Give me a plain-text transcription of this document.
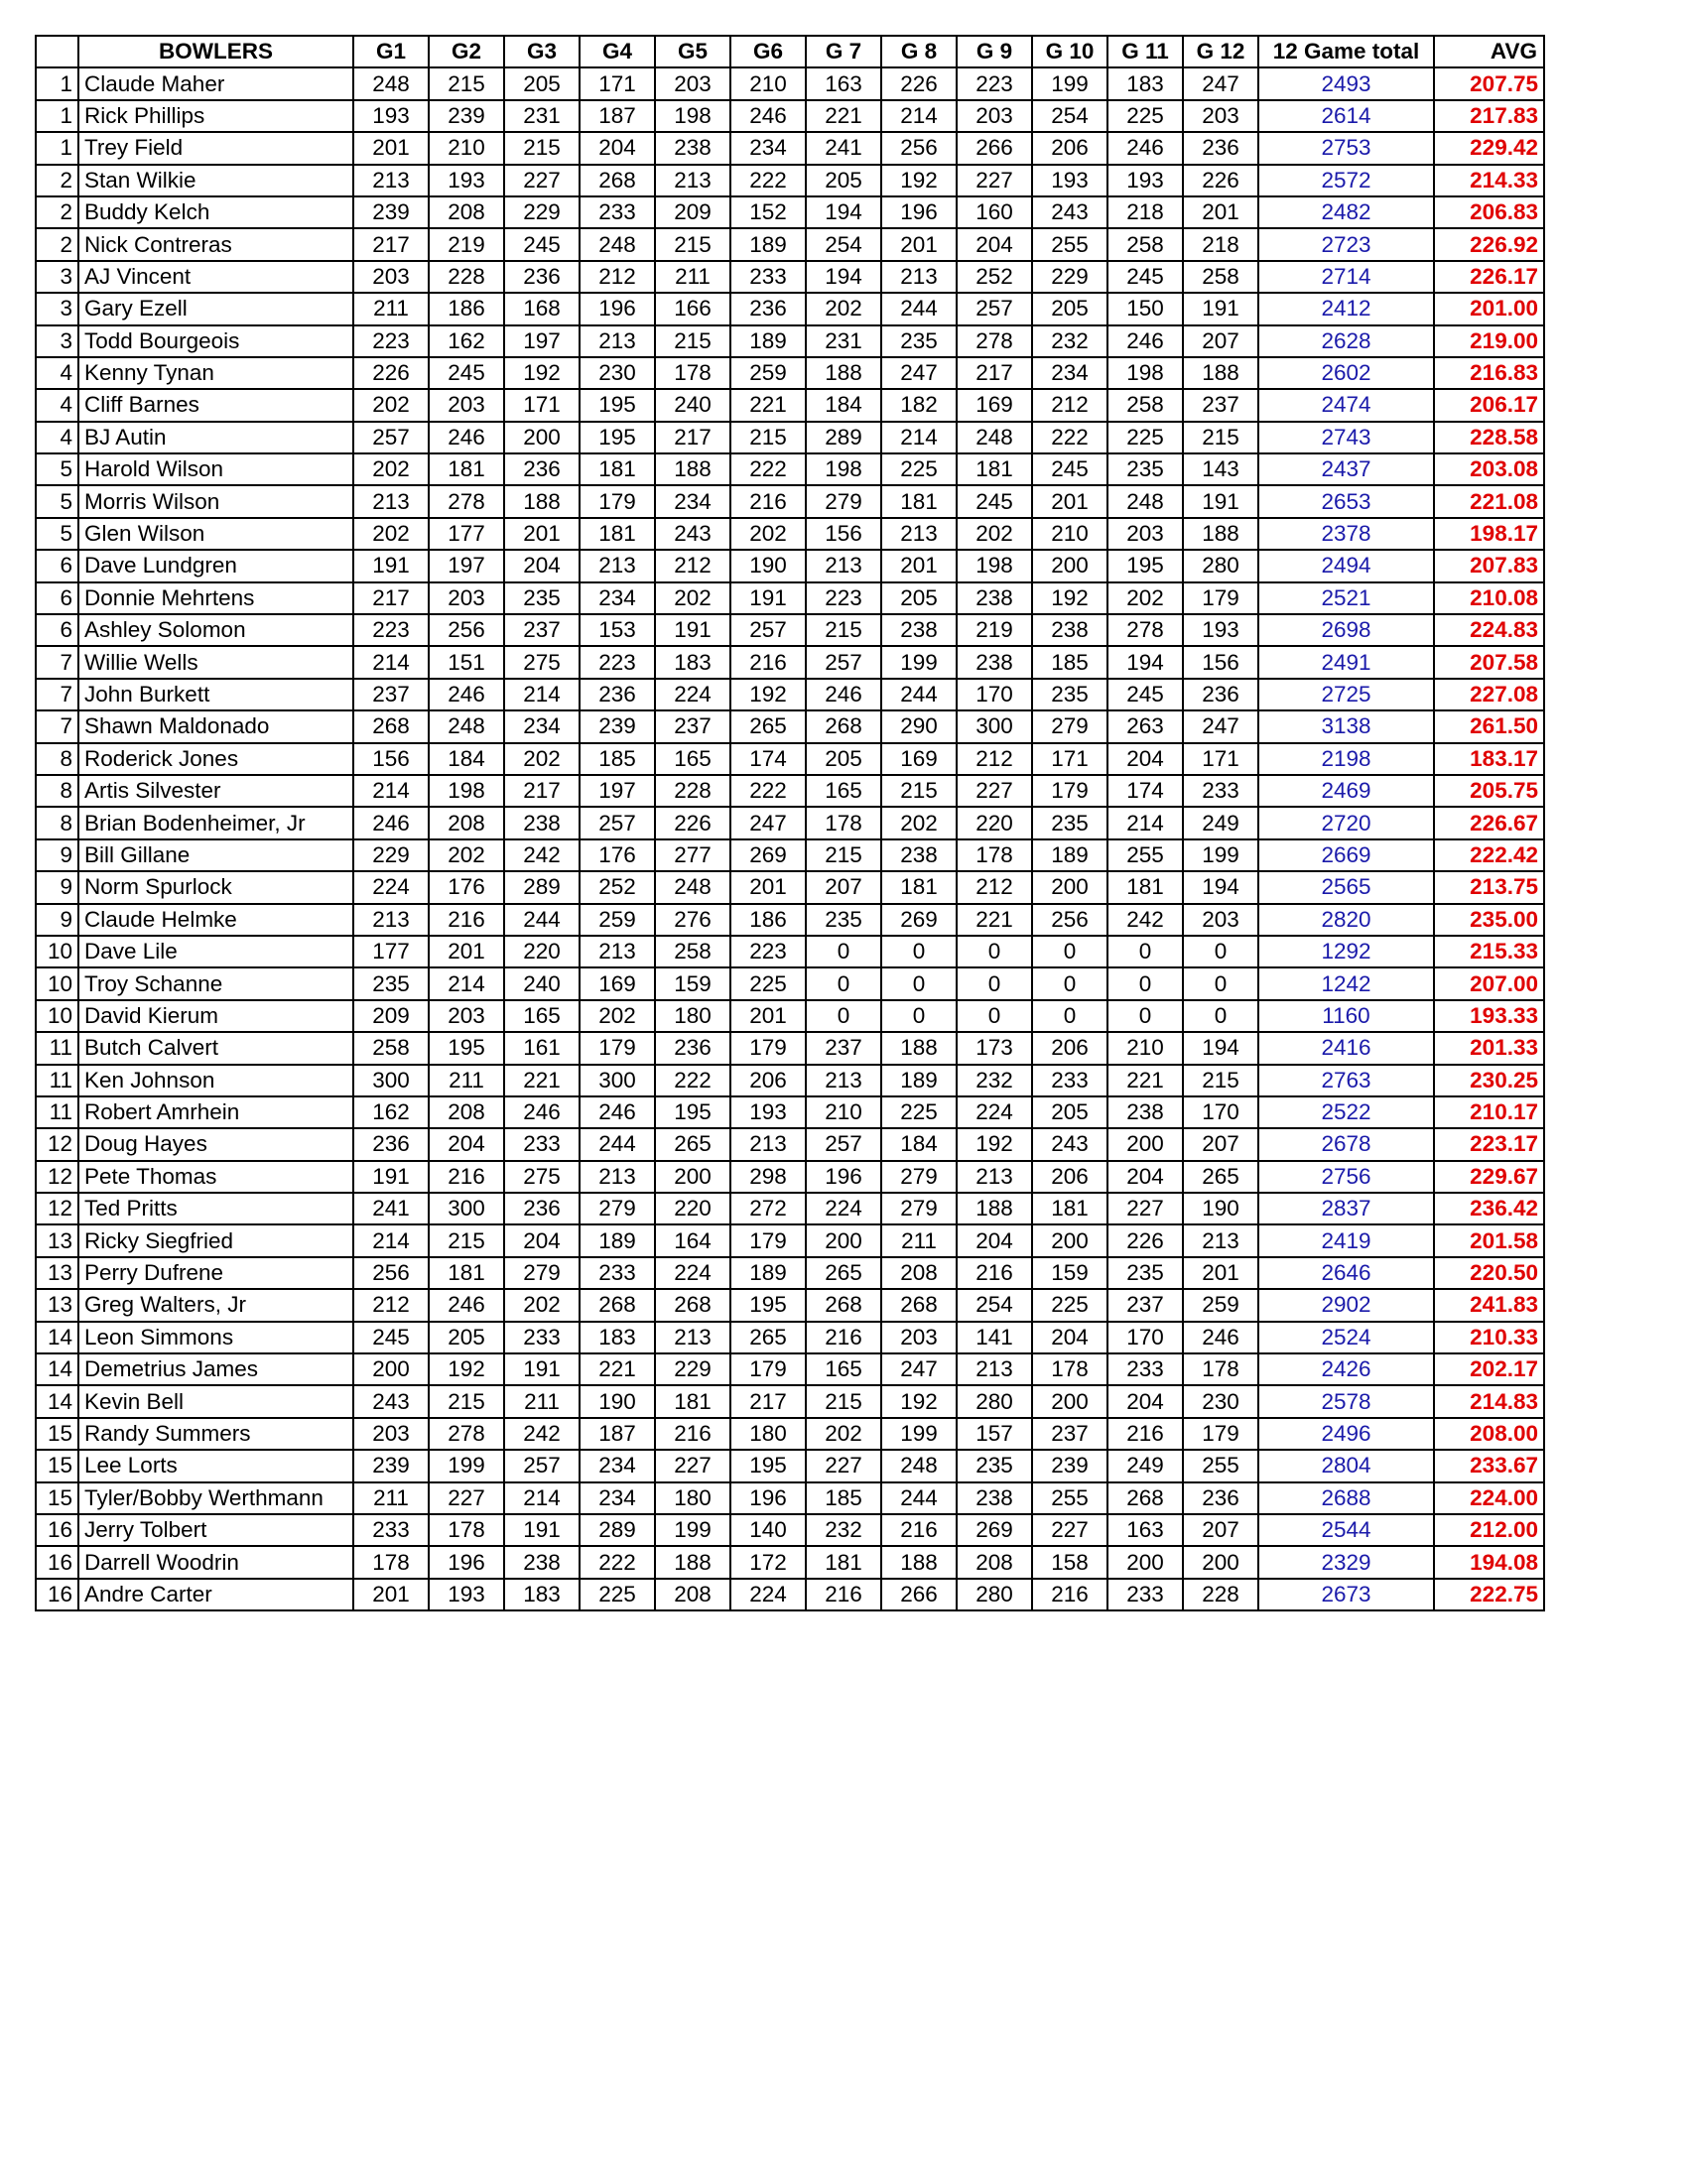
	BOWLERS	G1	G2	G3	G4	G5	G6	G 7	G 8	G 9	G 10	G 11	G 12	12 Game total	AVG
1	Claude Maher	248	215	205	171	203	210	163	226	223	199	183	247	2493	207.75
1	Rick Phillips	193	239	231	187	198	246	221	214	203	254	225	203	2614	217.83
1	Trey Field	201	210	215	204	238	234	241	256	266	206	246	236	2753	229.42
2	Stan Wilkie	213	193	227	268	213	222	205	192	227	193	193	226	2572	214.33
2	Buddy Kelch	239	208	229	233	209	152	194	196	160	243	218	201	2482	206.83
2	Nick Contreras	217	219	245	248	215	189	254	201	204	255	258	218	2723	226.92
3	AJ Vincent	203	228	236	212	211	233	194	213	252	229	245	258	2714	226.17
3	Gary Ezell	211	186	168	196	166	236	202	244	257	205	150	191	2412	201.00
3	Todd Bourgeois	223	162	197	213	215	189	231	235	278	232	246	207	2628	219.00
4	Kenny Tynan	226	245	192	230	178	259	188	247	217	234	198	188	2602	216.83
4	Cliff Barnes	202	203	171	195	240	221	184	182	169	212	258	237	2474	206.17
4	BJ Autin	257	246	200	195	217	215	289	214	248	222	225	215	2743	228.58
5	Harold Wilson	202	181	236	181	188	222	198	225	181	245	235	143	2437	203.08
5	Morris Wilson	213	278	188	179	234	216	279	181	245	201	248	191	2653	221.08
5	Glen Wilson	202	177	201	181	243	202	156	213	202	210	203	188	2378	198.17
6	Dave Lundgren	191	197	204	213	212	190	213	201	198	200	195	280	2494	207.83
6	Donnie Mehrtens	217	203	235	234	202	191	223	205	238	192	202	179	2521	210.08
6	Ashley Solomon	223	256	237	153	191	257	215	238	219	238	278	193	2698	224.83
7	Willie Wells	214	151	275	223	183	216	257	199	238	185	194	156	2491	207.58
7	John Burkett	237	246	214	236	224	192	246	244	170	235	245	236	2725	227.08
7	Shawn Maldonado	268	248	234	239	237	265	268	290	300	279	263	247	3138	261.50
8	Roderick Jones	156	184	202	185	165	174	205	169	212	171	204	171	2198	183.17
8	Artis Silvester	214	198	217	197	228	222	165	215	227	179	174	233	2469	205.75
8	Brian Bodenheimer, Jr	246	208	238	257	226	247	178	202	220	235	214	249	2720	226.67
9	Bill Gillane	229	202	242	176	277	269	215	238	178	189	255	199	2669	222.42
9	Norm Spurlock	224	176	289	252	248	201	207	181	212	200	181	194	2565	213.75
9	Claude Helmke	213	216	244	259	276	186	235	269	221	256	242	203	2820	235.00
10	Dave Lile	177	201	220	213	258	223	0	0	0	0	0	0	1292	215.33
10	Troy Schanne	235	214	240	169	159	225	0	0	0	0	0	0	1242	207.00
10	David Kierum	209	203	165	202	180	201	0	0	0	0	0	0	1160	193.33
11	Butch Calvert	258	195	161	179	236	179	237	188	173	206	210	194	2416	201.33
11	Ken Johnson	300	211	221	300	222	206	213	189	232	233	221	215	2763	230.25
11	Robert Amrhein	162	208	246	246	195	193	210	225	224	205	238	170	2522	210.17
12	Doug Hayes	236	204	233	244	265	213	257	184	192	243	200	207	2678	223.17
12	Pete Thomas	191	216	275	213	200	298	196	279	213	206	204	265	2756	229.67
12	Ted Pritts	241	300	236	279	220	272	224	279	188	181	227	190	2837	236.42
13	Ricky Siegfried	214	215	204	189	164	179	200	211	204	200	226	213	2419	201.58
13	Perry Dufrene	256	181	279	233	224	189	265	208	216	159	235	201	2646	220.50
13	Greg Walters, Jr	212	246	202	268	268	195	268	268	254	225	237	259	2902	241.83
14	Leon Simmons	245	205	233	183	213	265	216	203	141	204	170	246	2524	210.33
14	Demetrius James	200	192	191	221	229	179	165	247	213	178	233	178	2426	202.17
14	Kevin Bell	243	215	211	190	181	217	215	192	280	200	204	230	2578	214.83
15	Randy Summers	203	278	242	187	216	180	202	199	157	237	216	179	2496	208.00
15	Lee Lorts	239	199	257	234	227	195	227	248	235	239	249	255	2804	233.67
15	Tyler/Bobby Werthmann	211	227	214	234	180	196	185	244	238	255	268	236	2688	224.00
16	Jerry Tolbert	233	178	191	289	199	140	232	216	269	227	163	207	2544	212.00
16	Darrell Woodrin	178	196	238	222	188	172	181	188	208	158	200	200	2329	194.08
16	Andre Carter	201	193	183	225	208	224	216	266	280	216	233	228	2673	222.75
